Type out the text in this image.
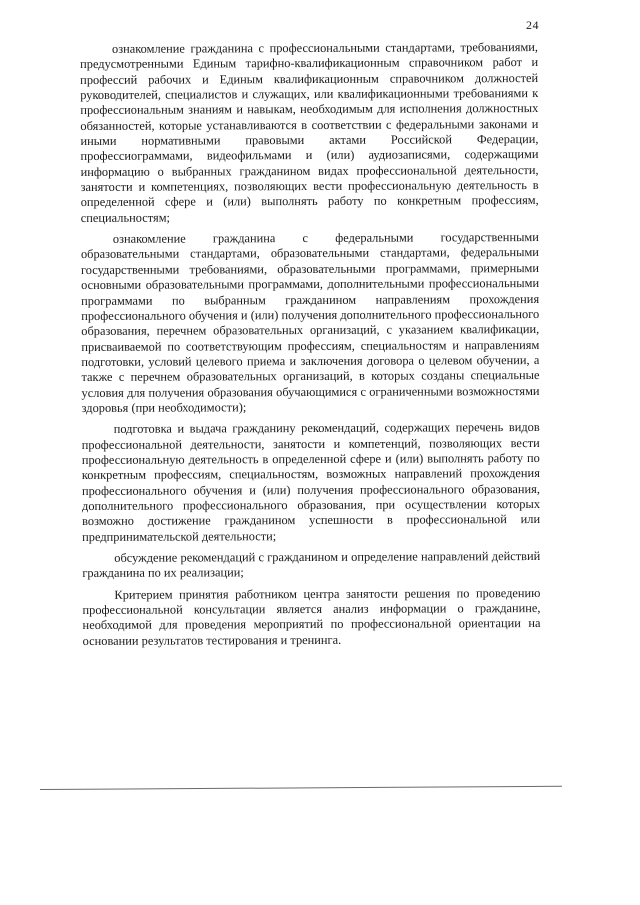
24

ознакомление гражданина с профессиональными стандартами, требованиями, предусмотренными Единым тарифно-квалификационным справочником работ и профессий рабочих и Единым квалификационным справочником должностей руководителей, специалистов и служащих, или квалификационными требованиями к профессиональным знаниям и навыкам, необходимым для исполнения должностных обязанностей, которые устанавливаются в соответствии с федеральными законами и иными нормативными правовыми актами Российской Федерации, профессиограммами, видеофильмами и (или) аудиозаписями, содержащими информацию о выбранных гражданином видах профессиональной деятельности, занятости и компетенциях, позволяющих вести профессиональную деятельность в определенной сфере и (или) выполнять работу по конкретным профессиям, специальностям;

ознакомление гражданина с федеральными государственными образовательными стандартами, образовательными стандартами, федеральными государственными требованиями, образовательными программами, примерными основными образовательными программами, дополнительными профессиональными программами по выбранным гражданином направлениям прохождения профессионального обучения и (или) получения дополнительного профессионального образования, перечнем образовательных организаций, с указанием квалификации, присваиваемой по соответствующим профессиям, специальностям и направлениям подготовки, условий целевого приема и заключения договора о целевом обучении, а также с перечнем образовательных организаций, в которых созданы специальные условия для получения образования обучающимися с ограниченными возможностями здоровья (при необходимости);

подготовка и выдача гражданину рекомендаций, содержащих перечень видов профессиональной деятельности, занятости и компетенций, позволяющих вести профессиональную деятельность в определенной сфере и (или) выполнять работу по конкретным профессиям, специальностям, возможных направлений прохождения профессионального обучения и (или) получения профессионального образования, дополнительного профессионального образования, при осуществлении которых возможно достижение гражданином успешности в профессиональной или предпринимательской деятельности;

обсуждение рекомендаций с гражданином и определение направлений действий гражданина по их реализации;

Критерием принятия работником центра занятости решения по проведению профессиональной консультации является анализ информации о гражданине, необходимой для проведения мероприятий по профессиональной ориентации на основании результатов тестирования и тренинга.
